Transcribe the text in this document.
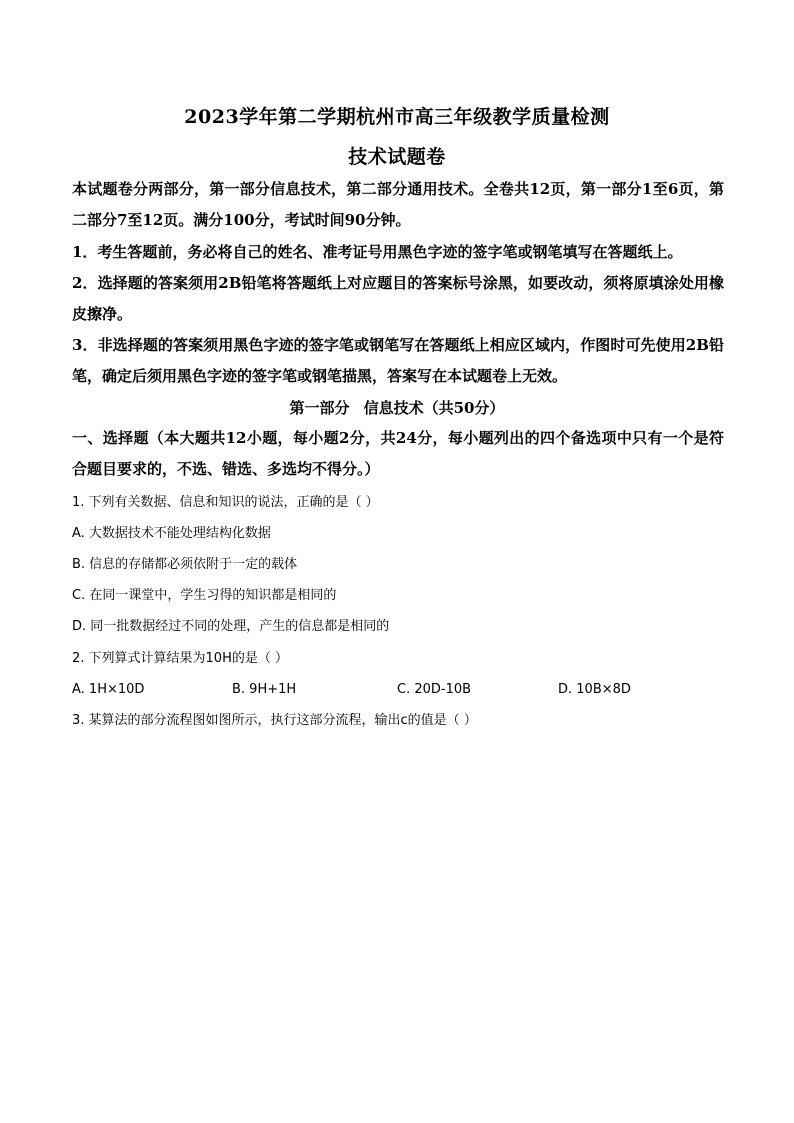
2023学年第二学期杭州市高三年级教学质量检测
技术试题卷
本试题卷分两部分，第一部分信息技术，第二部分通用技术。全卷共12页，第一部分1至6页，第二部分7至12页。满分100分，考试时间90分钟。
1．考生答题前，务必将自己的姓名、准考证号用黑色字迹的签字笔或钢笔填写在答题纸上。
2．选择题的答案须用2B铅笔将答题纸上对应题目的答案标号涂黑，如要改动，须将原填涂处用橡皮擦净。
3．非选择题的答案须用黑色字迹的签字笔或钢笔写在答题纸上相应区域内，作图时可先使用2B铅笔，确定后须用黑色字迹的签字笔或钢笔描黑，答案写在本试题卷上无效。
第一部分 信息技术（共50分）
一、选择题（本大题共12小题，每小题2分，共24分，每小题列出的四个备选项中只有一个是符合题目要求的，不选、错选、多选均不得分。）
1. 下列有关数据、信息和知识的说法，正确的是（ ）
A. 大数据技术不能处理结构化数据
B. 信息的存储都必须依附于一定的载体
C. 在同一课堂中，学生习得的知识都是相同的
D. 同一批数据经过不同的处理，产生的信息都是相同的
2. 下列算式计算结果为10H的是（ ）
A. 1H×10D	B. 9H+1H	C. 20D-10B	D. 10B×8D
3. 某算法的部分流程图如图所示，执行这部分流程，输出c的值是（ ）
